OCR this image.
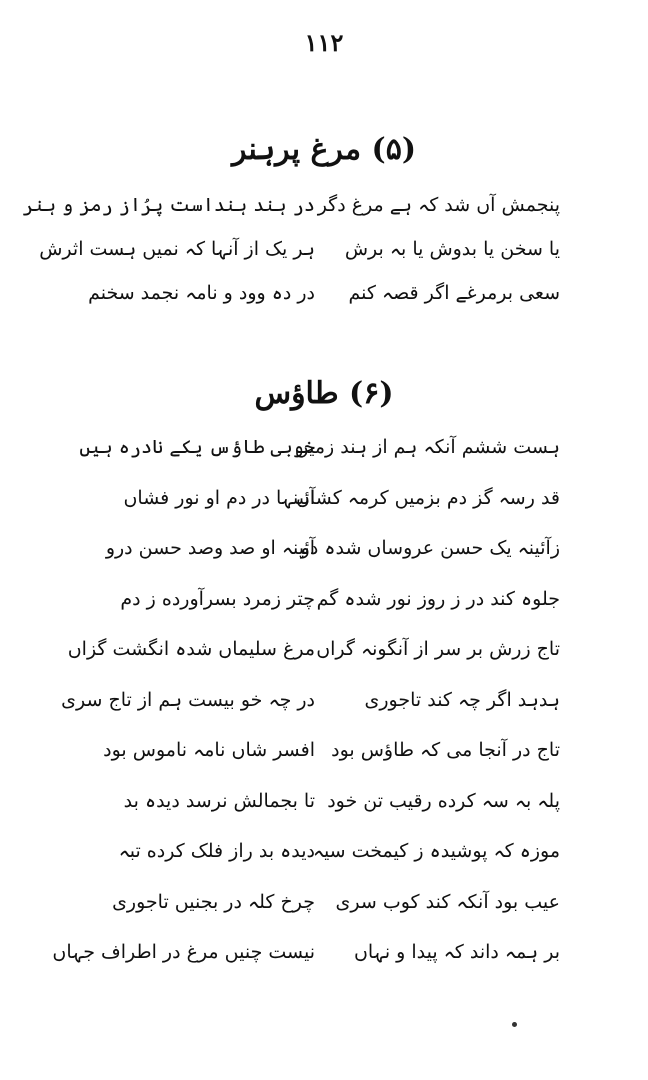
۱۱۲
(۵) مرغ پرہنر
پنجمش آں شد کہ ہے مرغ دگر
در ہند ہنداست پرُاز رمز و ہنر
یا سخن یا بدوش یا بہ برش
ہر یک از آنہا کہ نمیں ہست اثرش
سعی برمرغے اگر قصہ کنم
در دہ وود و نامہ نجمد سخنم
(۶) طاؤس
ہست ششم آنکہ ہم از ہند زمیں
خوبی طاؤس یکے نادرہ ہیں
قد رسہ گز دم بزمیں کرمہ کشاں
آئینہا در دم او نور فشاں
زآئینہ یک حسن عروساں شدہ دو
آئینہ او صد وصد حسن درو
جلوہ کند در ز روز نور شدہ گم
چتر زمرد بسرآورده ز دم
تاج زرش بر سر از آنگونہ گراں
مرغ سلیماں شدہ انگشت گزاں
ہدہد اگر چہ کند تاجوری
در چہ خو بیست ہم از تاج سری
تاج در آنجا می کہ طاؤس بود
افسر شاں نامہ ناموس بود
پلہ بہ سہ کرده رقیب تن خود
تا بجمالش نرسد دیدہ بد
موزہ کہ پوشیدہ ز کیمخت سیہ
دیدہ بد راز فلک کرده تبہ
عیب بود آنکہ کند کوب سری
چرخ کلہ در بجنیں تاجوری
بر ہمہ داند کہ پیدا و نہاں
نیست چنیں مرغ در اطراف جہاں
